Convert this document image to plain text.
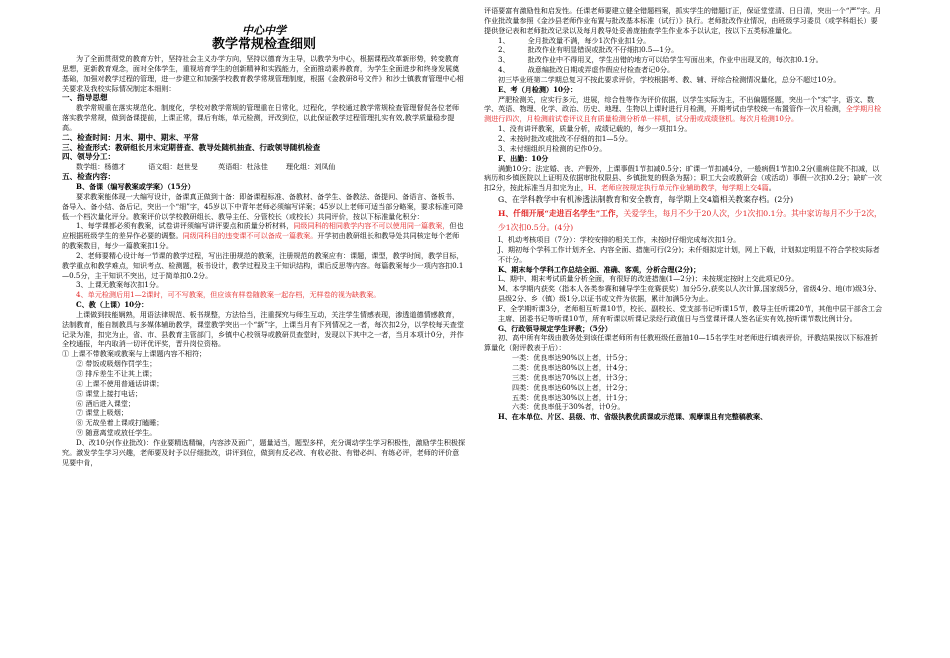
中心中学
教学常规检查细则
为了全面贯彻党的教育方针，坚持社会主义办学方向，坚持以德育为主导，以教学为中心，根据课程改革新形势，转变教育思想，更新教育观念，面对全体学生，重视培育学生的创新精神和实践能力，全面推动素养教育，为学生全面进步和终身发展奠基础，加强对教学过程的管理，进一步建立和加强学校教育教学常规管理制度，根据《金教研8号文件》和沙土镇教育管理中心相关要求及我校实际情况制定本细则：
一、指导思想
教学常规重在落实规范化、制度化，学校对教学常规的管理重在日常化，过程化，学校通过教学常规检查管理督促各位老师落实教学常规，做到备课提前，上课正常，课后有练，单元检测，评改到位，以此保证教学过程管理扎实有效,教学质量稳步提高。
二、检查时间：月末、期中、期末、平常
三、检查形式：教研组长月末定期普查、教导处随机抽查、行政领导随机检查
四、领导分工：
数学组：杨德才          语文组：赵世旻         英语组：杜泳佳        理化组：刘凤仙
五、检查内容：
B、备课（编写教案或学案）（15分）
要求教案能体现一大编写设计，备课真正做到十备：即备课程标准、备教材、备学生、备教法、备提问、备语言、备板书、备导入、备小结、备后记，突出一个“细”字，45岁以下中青年老师必须编写详案；45岁以上老师可适当部分略案，要求标准可降低一个档次量化评分。教案评价以学校教研组长、教导主任、分管校长（或校长）共同评价，按以下标准量化积分：
1、每学课都必须有教案，试卷讲评须编写讲评要点和质量分析材料，同级同科的相同教学内容不可以使用同一篇教案，但也应根据班级学生的差异作必要的调整。同级同科目的违变课不可以备成一篇教案。开学初由教研组长和教导处共同核定每个老师的教案数目，每少一篇教案扣1分。
2、老师要精心设计每一节课的教学过程，写出注册规范的教案，注册规范的教案应有：课题，课型，教学时间，教学目标，教学重点和教学难点，知识考点、检测题，板书设计，教学过程及主干知识结构，课后反思等内容。每篇教案每少一项内容扣0.1—0.5分，主干知识不突出，过于简单扣0.2分。
3、上课无教案每次扣1分。
4、单元检测后用1—2课时，可不写教案，但应该有样卷随教案一起存档，无样卷的视为缺教案。
C、教（上课）10分：
上课做到技能娴熟，用语法律规范、板书规整，方法恰当，注重探究与师生互动，关注学生情感表现，渗透道德情感教育，法制教育，能自制教具与多媒体辅助教学，课堂教学突出一个“新”字，上课当月有下列情况之一者，每次扣2分，以学校每天查堂记录为准，扣完为止，省、市、县教育主管部门，乡镇中心校领导或教研员查堂时，发现以下其中之一者，当月本项计0分，并作全校通报，年内取消一切评优评奖，晋升岗位资格。
① 上课不带教案或教案与上课题内容不相符；
② 带饭或吸烟作罚学生；
③ 排斥差生不让其上课；
④ 上课不使用普通话讲课；
⑤ 课堂上接打电话；
⑥ 酒后进入课堂；
⑦ 课堂上吸烟；
⑧ 无故坐着上课或打瞌睡；
⑨ 随意离堂或放任学生。
D、改10分(作业批改)：作业要精选精编，内容涉及面广，题量适当，题型多样，充分调动学生学习积极性，激励学生积极探究。激发学生学习兴趣，老师要及时予以仔细批改，讲评到位，做到有反必改、有收必批、有错必纠、有练必评，老师的评价意见要中肯，
评语要富有激励性和启发性。任课老师要建立健全错题档案，抓实学生的错题订正，保证堂堂清、日日清，突出一个“严”字。月作业批改量参照《金沙县老师作业布置与批改基本标准（试行）》执行。老师批改作业情况，由班级学习委员（或学科组长）要提供登记表和老师批改记录以及每月教导处妥善庞抽查学生作业本予以认定，按以下五类标准量化。
1、        全月批改量不满，每少1次作业扣1分。
2、        批改作业有明显错误或批改不仔细扣0.5—1分。
3、        批改作业中不得用叉，学生出错的地方可以给学生写面出来，作业中出现叉的，每次扣0.1分。
4、        战意编批改日期或弄虚作假应付检查者记0分。
初三毕业班第二学期总复习不按此要求评价，学校根据考、教、辅、评综合检测情况量化，总分不超过10分。
E、考（月检测）10分：
严肥检测关，应实行多元，进展，综合性等作为评价依据，以学生实际为主，不出偏题怪题，突出一个“实”字，语文、数学、英语、物理、化学、政治、历史、地理、生物以上课时进行月检测，开期考试由学校统一布置管作一次月检测，全学期月检测进行四次，月检测前试卷评议且有质量检测分析单一样机，试分册或成绩登机。每次月检测10分。
1、没有讲评教案，质量分析，成绩记载的，每少一项扣1分。
2、未按时批改或批改不仔细的扣1—5分。
3、未付细组织月检测的记作0分。
F、出勤：10分
满勤10分；法定婚、丧、产假外，上课事假1节扣减0.5分；旷课一节扣减4分，一般病假1节扣0.2分(重病住院不扣减，以病历和乡镇医院以上证明及依据审批权限县、乡镇批复的假条为据）；职工大会或教研会（或活动）事假一次扣0.2分；缺旷一次扣2分，按此标准当月扣完为止，H、老师应按规定执行单元作业辅助教学，每学期上交4篇。
G、在学科教学中有机渗透法制教育和安全教育，每学期上交4篇相关教案存档。(2分)
H、仟细开展“走进百名学生”工作，关爱学生，每月不少于20人次，少1次扣0.1分。其中家访每月不少于2次，少1次扣0.5分。(4分)
I、机动考核项目（7分）：学校安排的相关工作，未按时仔细完成每次扣1分。
J、期初每个学科工作计划齐全、内容全面、措施可行(2分)；未仟细拟定计划，网上下载，计划拟定明显不符合学校实际者不计分。
K、期末每个学科工作总结全面、准确、客观，分析合理(2分)；
L、期中、期末考试质量分析全面，有很好的改进措施(1—2分)；未按规定按时上交此项记0分。
M、本学期内获奖（指本人各类参赛和辅导学生竞赛获奖）加分5分,获奖以人次计算,国家级5分，省级4分、地(市)级3分、县级2分、乡（镇）级1分,以证书或文件为依据，累计加满5分为止。
F、全学期听课3分，老师相互听课10节，校长、副校长、党支部书记听课15节，教导主任听课20节，其他中层干部含工会主席、团委书记等听课10节，所有听课以听课记录经行政值日与当堂课评课人签名证实有效,按听课节数比例计分。
G、行政领导规定学生评教；（5分）
初、高中所有年级由教务处到该任课老师所有任教班级任意抽10—15名学生对老师进行填表评价，评教结果按以下标准折算量化（附评教表于后）：
一类：优良率达90%以上者，计5分；
二类：优良率达80%以上者，计4分；
三类：优良率达70%以上者，计3分；
四类：优良率达60%以上者，计2分；
五类：优良率达30%以上者，计1分；
六类：优良率低于30%者，计0分。
H、在本单位、片区、县级、市、省级执教优质课或示范课、观摩课且有完整稿教案、
